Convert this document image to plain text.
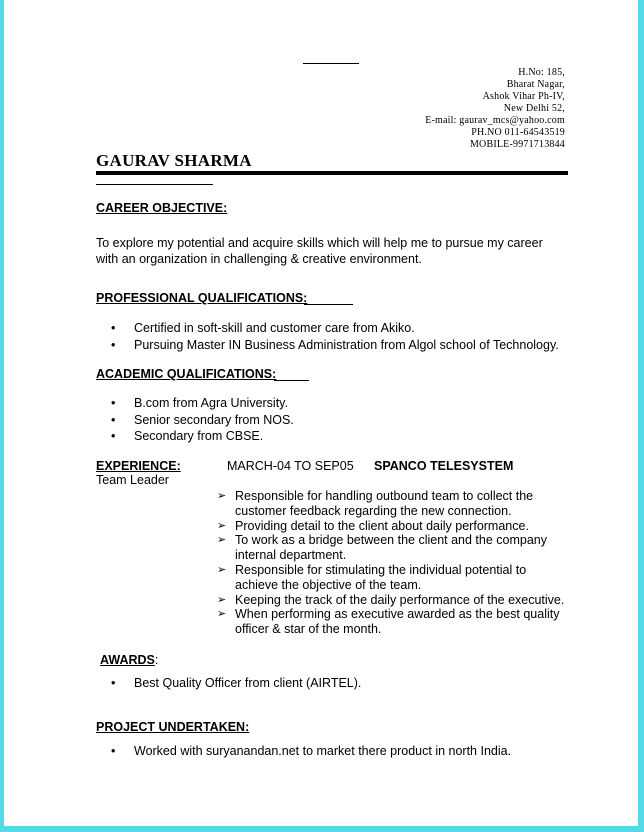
H.No: 185,
Bharat Nagar,
Ashok Vihar Ph-IV,
New Delhi 52,
E-mail: gaurav_mcs@yahoo.com
PH.NO 011-64543519
MOBILE-9971713844
GAURAV SHARMA
CAREER OBJECTIVE:
To explore my potential and acquire skills which will help me to pursue my career with an organization in challenging & creative environment.
PROFESSIONAL QUALIFICATIONS:
• Certified in soft-skill and customer care from Akiko.
• Pursuing Master IN Business Administration from Algol school of Technology.
ACADEMIC QUALIFICATIONS:
• B.com from Agra University.
• Senior secondary from NOS.
• Secondary from CBSE.
EXPERIENCE:	MARCH-04 TO SEP05 SPANCO TELESYSTEM
Team Leader
➢ Responsible for handling outbound team to collect the customer feedback regarding the new connection.
➢ Providing detail to the client about daily performance.
➢ To work as a bridge between the client and the company internal department.
➢ Responsible for stimulating the individual potential to achieve the objective of the team.
➢ Keeping the track of the daily performance of the executive.
➢ When performing as executive awarded as the best quality officer & star of the month.
AWARDS:
• Best Quality Officer from client (AIRTEL).
PROJECT UNDERTAKEN:
• Worked with suryanandan.net to market there product in north India.
